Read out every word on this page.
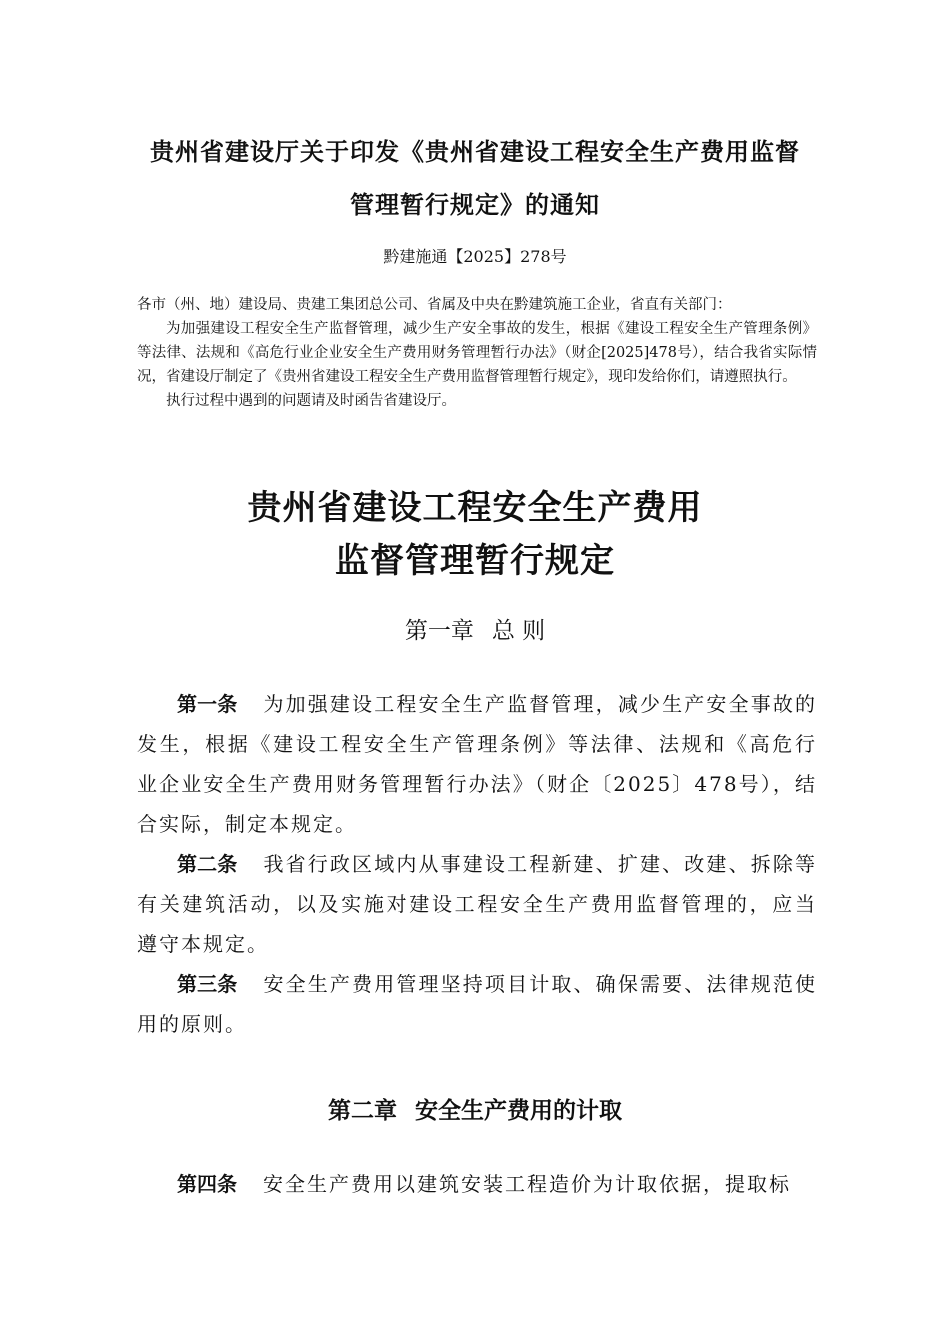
贵州省建设厅关于印发《贵州省建设工程安全生产费用监督
管理暂行规定》的通知
黔建施通【2025】278号

各市（州、地）建设局、贵建工集团总公司、省属及中央在黔建筑施工企业，省直有关部门：

为加强建设工程安全生产监督管理，减少生产安全事故的发生，根据《建设工程安全生产管理条例》等法律、法规和《高危行业企业安全生产费用财务管理暂行办法》（财企[2025]478号），结合我省实际情况，省建设厅制定了《贵州省建设工程安全生产费用监督管理暂行规定》，现印发给你们，请遵照执行。

执行过程中遇到的问题请及时函告省建设厅。

贵州省建设工程安全生产费用
监督管理暂行规定
第一章 总 则

第一条 为加强建设工程安全生产监督管理，减少生产安全事故的发生，根据《建设工程安全生产管理条例》等法律、法规和《高危行业企业安全生产费用财务管理暂行办法》（财企〔2025〕478号），结合实际，制定本规定。

第二条 我省行政区域内从事建设工程新建、扩建、改建、拆除等有关建筑活动，以及实施对建设工程安全生产费用监督管理的，应当遵守本规定。

第三条 安全生产费用管理坚持项目计取、确保需要、法律规范使用的原则。

第二章 安全生产费用的计取

第四条 安全生产费用以建筑安装工程造价为计取依据，提取标
